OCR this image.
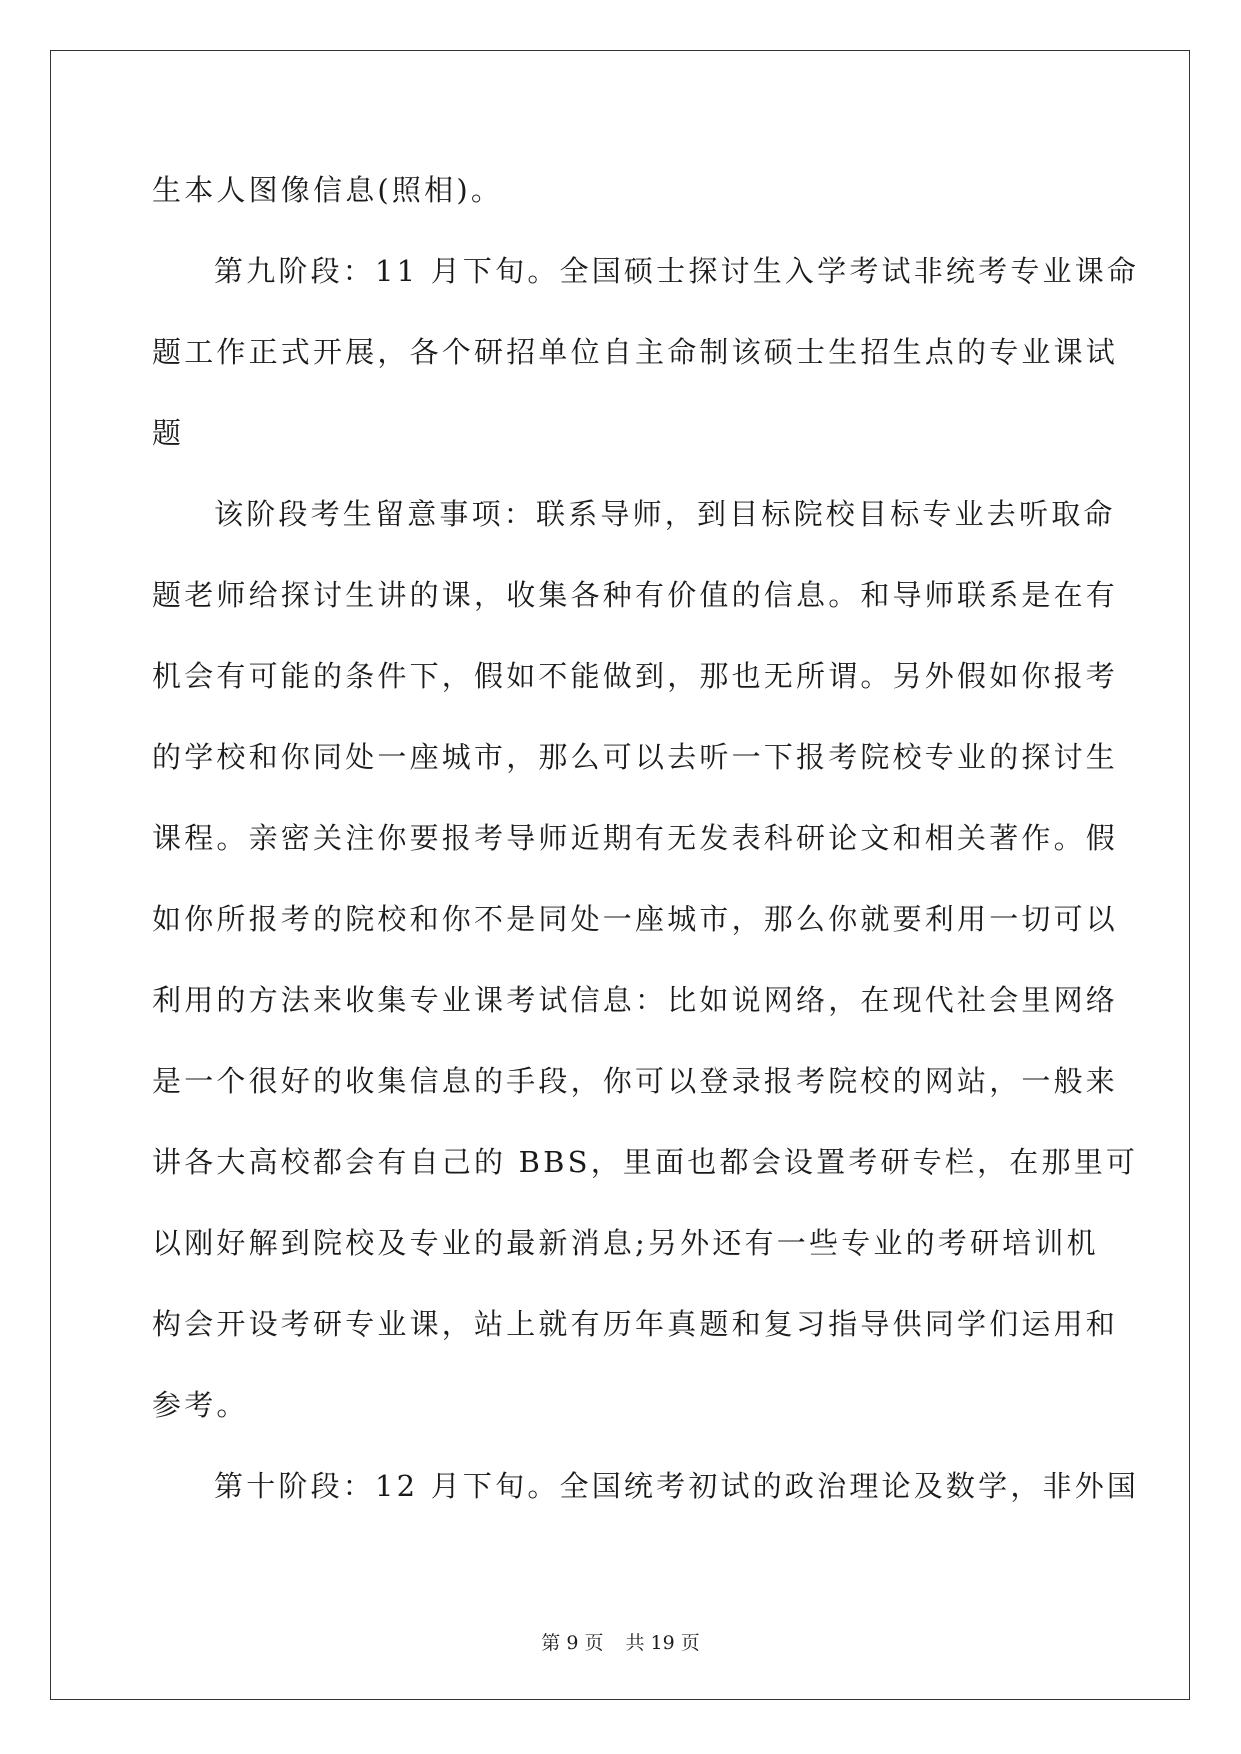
生本人图像信息(照相)。
第九阶段：11 月下旬。全国硕士探讨生入学考试非统考专业课命
题工作正式开展，各个研招单位自主命制该硕士生招生点的专业课试
题
该阶段考生留意事项：联系导师，到目标院校目标专业去听取命
题老师给探讨生讲的课，收集各种有价值的信息。和导师联系是在有
机会有可能的条件下，假如不能做到，那也无所谓。另外假如你报考
的学校和你同处一座城市，那么可以去听一下报考院校专业的探讨生
课程。亲密关注你要报考导师近期有无发表科研论文和相关著作。假
如你所报考的院校和你不是同处一座城市，那么你就要利用一切可以
利用的方法来收集专业课考试信息：比如说网络，在现代社会里网络
是一个很好的收集信息的手段，你可以登录报考院校的网站，一般来
讲各大高校都会有自己的 BBS，里面也都会设置考研专栏，在那里可
以刚好解到院校及专业的最新消息;另外还有一些专业的考研培训机
构会开设考研专业课，站上就有历年真题和复习指导供同学们运用和
参考。
第十阶段：12 月下旬。全国统考初试的政治理论及数学，非外国
第 9 页 共 19 页
